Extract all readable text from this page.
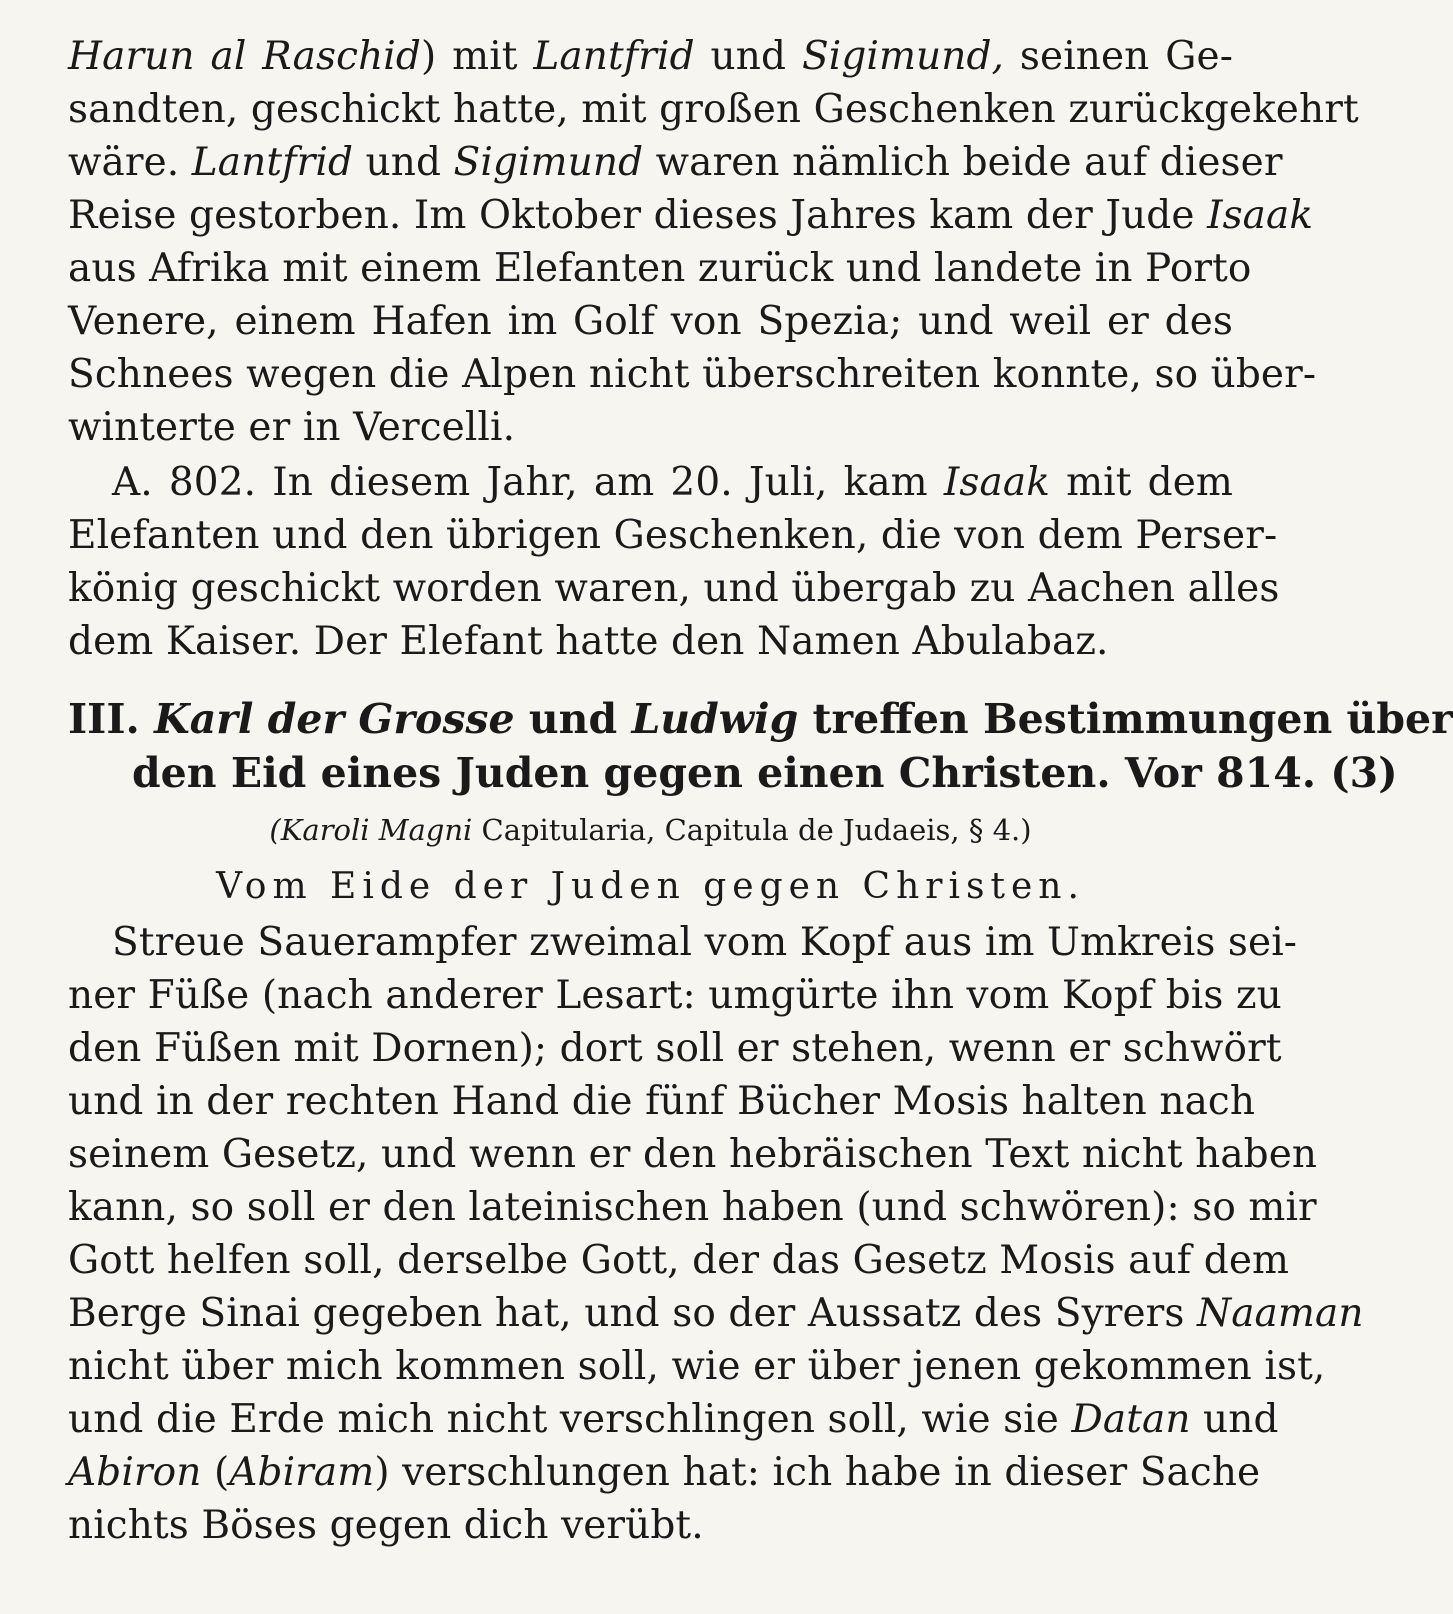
Harun al Raschid) mit Lantfrid und Sigimund, seinen Ge-
sandten, geschickt hatte, mit großen Geschenken zurückgekehrt
wäre. Lantfrid und Sigimund waren nämlich beide auf dieser
Reise gestorben. Im Oktober dieses Jahres kam der Jude Isaak
aus Afrika mit einem Elefanten zurück und landete in Porto
Venere, einem Hafen im Golf von Spezia; und weil er des
Schnees wegen die Alpen nicht überschreiten konnte, so über-
winterte er in Vercelli.

A. 802. In diesem Jahr, am 20. Juli, kam Isaak mit dem
Elefanten und den übrigen Geschenken, die von dem Perser-
könig geschickt worden waren, und übergab zu Aachen alles
dem Kaiser. Der Elefant hatte den Namen Abulabaz.

III. Karl der Grosse und Ludwig treffen Bestimmungen über
den Eid eines Juden gegen einen Christen. Vor 814. (3)
(Karoli Magni Capitularia, Capitula de Judaeis, § 4.)
Vom Eide der Juden gegen Christen.

Streue Sauerampfer zweimal vom Kopf aus im Umkreis sei-
ner Füße (nach anderer Lesart: umgürte ihn vom Kopf bis zu
den Füßen mit Dornen); dort soll er stehen, wenn er schwört
und in der rechten Hand die fünf Bücher Mosis halten nach
seinem Gesetz, und wenn er den hebräischen Text nicht haben
kann, so soll er den lateinischen haben (und schwören): so mir
Gott helfen soll, derselbe Gott, der das Gesetz Mosis auf dem
Berge Sinai gegeben hat, und so der Aussatz des Syrers Naaman
nicht über mich kommen soll, wie er über jenen gekommen ist,
und die Erde mich nicht verschlingen soll, wie sie Datan und
Abiron (Abiram) verschlungen hat: ich habe in dieser Sache
nichts Böses gegen dich verübt.
